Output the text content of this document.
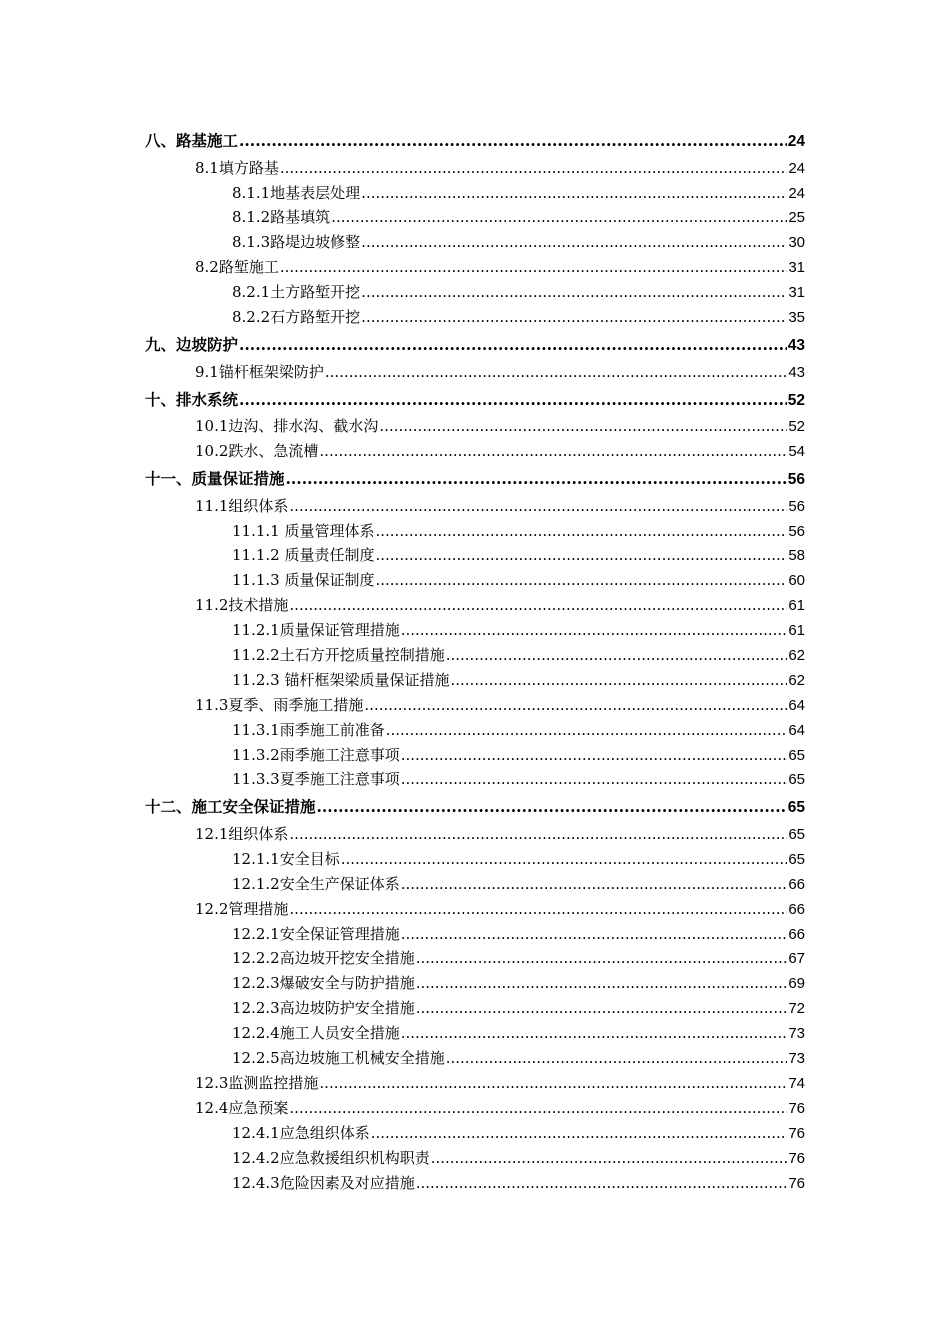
八、路基施工 .....	24
8.1填方路基 .....	24
8.1.1地基表层处理 .....	24
8.1.2路基填筑 .....	25
8.1.3路堤边坡修整 .....	30
8.2路堑施工 .....	31
8.2.1土方路堑开挖 .....	31
8.2.2石方路堑开挖 .....	35
九、边坡防护 .....	43
9.1锚杆框架梁防护 .....	43
十、排水系统 .....	52
10.1边沟、排水沟、截水沟 .....	52
10.2跌水、急流槽 .....	54
十一、质量保证措施 .....	56
11.1组织体系 .....	56
11.1.1 质量管理体系 .....	56
11.1.2 质量责任制度 .....	58
11.1.3 质量保证制度 .....	60
11.2技术措施 .....	61
11.2.1质量保证管理措施 .....	61
11.2.2土石方开挖质量控制措施 .....	62
11.2.3 锚杆框架梁质量保证措施 .....	62
11.3夏季、雨季施工措施 .....	64
11.3.1雨季施工前准备 .....	64
11.3.2雨季施工注意事项 .....	65
11.3.3夏季施工注意事项 .....	65
十二、施工安全保证措施 .....	65
12.1组织体系 .....	65
12.1.1安全目标 .....	65
12.1.2安全生产保证体系 .....	66
12.2管理措施 .....	66
12.2.1安全保证管理措施 .....	66
12.2.2高边坡开挖安全措施 .....	67
12.2.3爆破安全与防护措施 .....	69
12.2.3高边坡防护安全措施 .....	72
12.2.4施工人员安全措施 .....	73
12.2.5高边坡施工机械安全措施 .....	73
12.3监测监控措施 .....	74
12.4应急预案 .....	76
12.4.1应急组织体系 .....	76
12.4.2应急救援组织机构职责 .....	76
12.4.3危险因素及对应措施 .....	76
